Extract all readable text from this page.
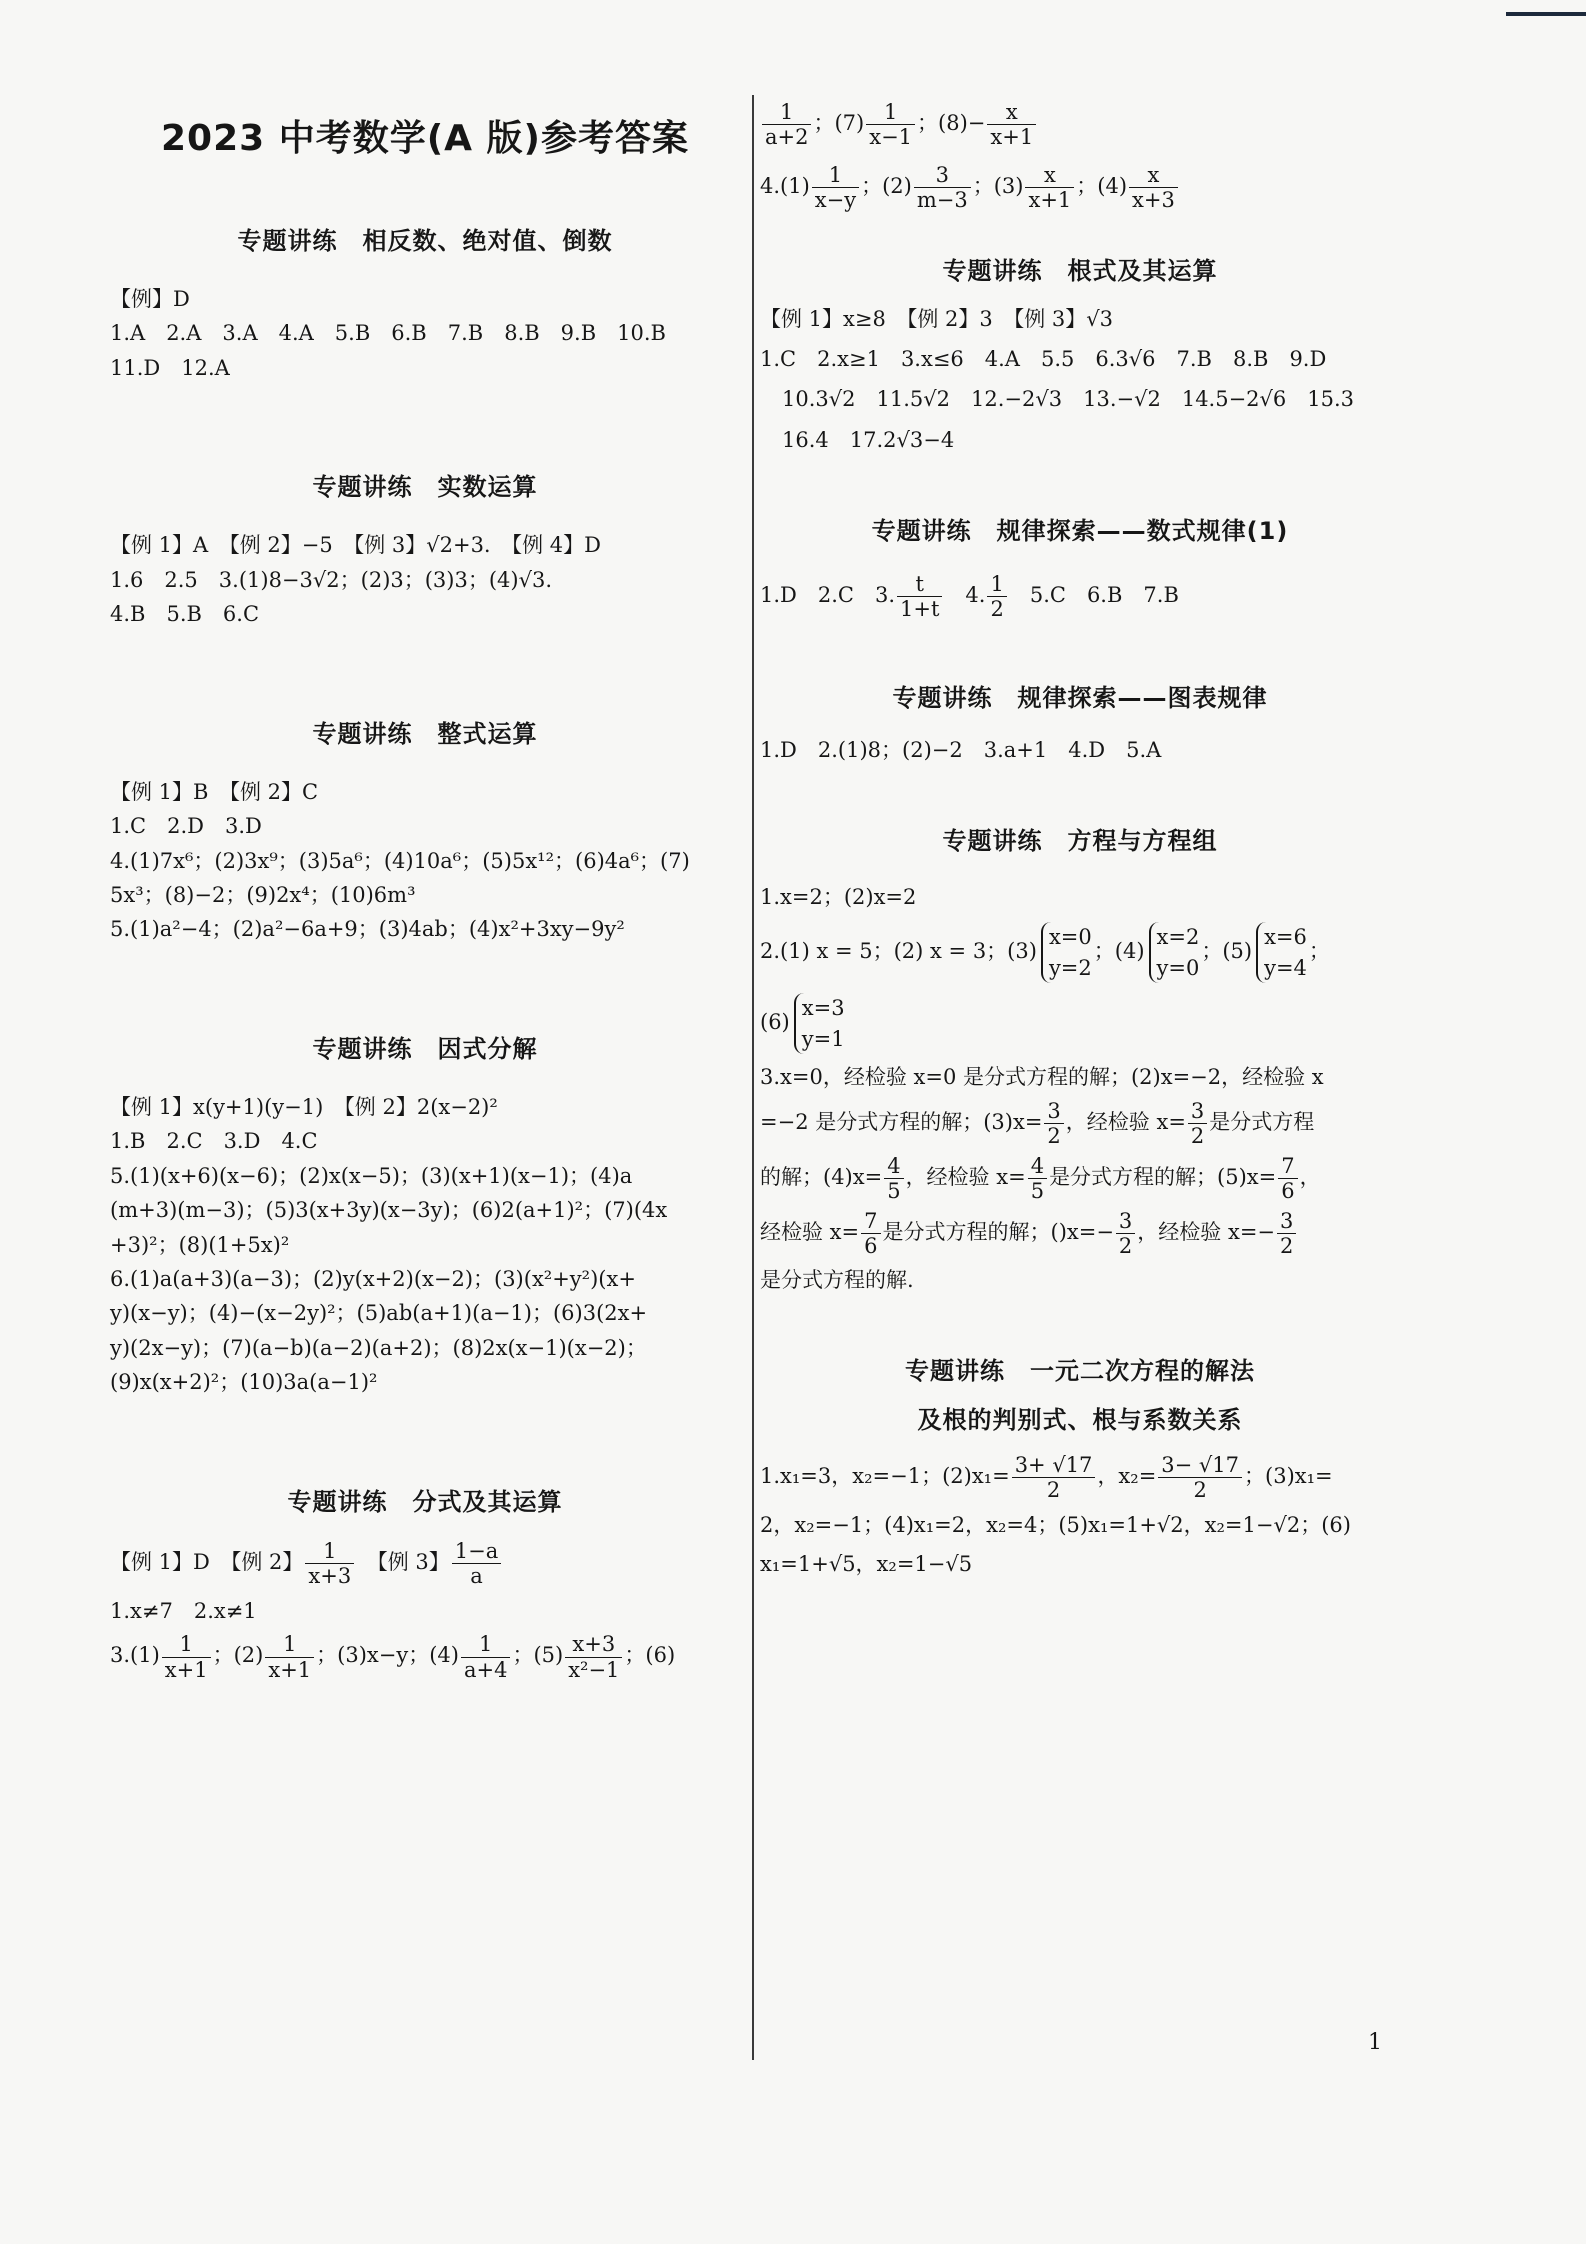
2023 中考数学(A 版)参考答案
专题讲练　相反数、绝对值、倒数
【例】D
1.A　2.A　3.A　4.A　5.B　6.B　7.B　8.B　9.B　10.B
11.D　12.A
专题讲练　实数运算
【例 1】A　【例 2】−5　【例 3】√2+3.　【例 4】D
1.6　2.5　3.(1)8−3√2；(2)3；(3)3；(4)√3.
4.B　5.B　6.C
专题讲练　整式运算
【例 1】B　【例 2】C
1.C　2.D　3.D
4.(1)7x⁶；(2)3x⁹；(3)5a⁶；(4)10a⁶；(5)5x¹²；(6)4a⁶；(7)
5x³；(8)−2；(9)2x⁴；(10)6m³
5.(1)a²−4；(2)a²−6a+9；(3)4ab；(4)x²+3xy−9y²
专题讲练　因式分解
【例 1】x(y+1)(y−1)　【例 2】2(x−2)²
1.B　2.C　3.D　4.C
5.(1)(x+6)(x−6)；(2)x(x−5)；(3)(x+1)(x−1)；(4)a
(m+3)(m−3)；(5)3(x+3y)(x−3y)；(6)2(a+1)²；(7)(4x
+3)²；(8)(1+5x)²
6.(1)a(a+3)(a−3)；(2)y(x+2)(x−2)；(3)(x²+y²)(x+
y)(x−y)；(4)−(x−2y)²；(5)ab(a+1)(a−1)；(6)3(2x+
y)(2x−y)；(7)(a−b)(a−2)(a+2)；(8)2x(x−1)(x−2)；
(9)x(x+2)²；(10)3a(a−1)²
专题讲练　分式及其运算
【例 1】D　【例 2】 $\frac{1}{x+3}$ 　【例 3】 $\frac{1-a}{a}$
1.x≠7　2.x≠1
$3.(1) \frac{1}{x+1}$ ；$(2) \frac{1}{x+1}$ ；(3)x−y；$(4) \frac{1}{a+4}$ ；$(5) \frac{x+3}{\text{x²−1}}$ ；(6)
$\frac{1}{a+2}$ ；$(7) \frac{1}{x-1}$ ；$(8)- \frac{x}{x+1}$
$4.(1) \frac{1}{x-y}$ ；$(2) \frac{3}{m-3}$ ；$(3) \frac{x}{x+1}$ ；$(4) \frac{x}{x+3}$
专题讲练　根式及其运算
【例 1】x≥8　【例 2】3　【例 3】√3
1.C　2.x≥1　3.x≤6　4.A　5.5　6.3√6　7.B　8.B　9.D
10.3√2　11.5√2　12.−2√3　13.−√2　14.5−2√6　15.3
16.4　17.2√3−4
专题讲练　规律探索——数式规律(1)
1.D　2.C　3. $\frac{t}{1+t}$ 　4. $\frac{1}{2}$ 　5.C　6.B　7.B
专题讲练　规律探索——图表规律
1.D　2.(1)8；(2)−2　3.a+1　4.D　5.A
专题讲练　方程与方程组
1.x=2；(2)x=2
2.(1) x = 5；(2) x = 3；(3)
x=0
y=2
；(4)
x=2
y=0
；(5)
x=6
y=4
；
(6)
x=3
y=1
3.x=0，经检验 x=0 是分式方程的解；(2)x=−2，经检验 x
=−2 是分式方程的解；$(3)x= \frac{3}{2}$ ，经检验 $x= \frac{3}{2}$ 是分式方程
的解；$(4)x= \frac{4}{5}$ ，经检验 $x= \frac{4}{5}$ 是分式方程的解；$(5)x= \frac{7}{6}$ ，
经检验 $x= \frac{7}{6}$ 是分式方程的解；$()x=- \frac{3}{2}$ ，经检验 $x=- \frac{3}{2}$
是分式方程的解.
专题讲练　一元二次方程的解法
及根的判别式、根与系数关系
1.x₁=3，x₂=−1；$(2)x_1= \frac{3+ √17}{2}$ ，$x_2= \frac{3- √17}{2}$ ；(3)x₁=
2，x₂=−1；(4)x₁=2，x₂=4；(5)x₁=1+√2，x₂=1−√2；(6)
x₁=1+√5，x₂=1−√5
1
